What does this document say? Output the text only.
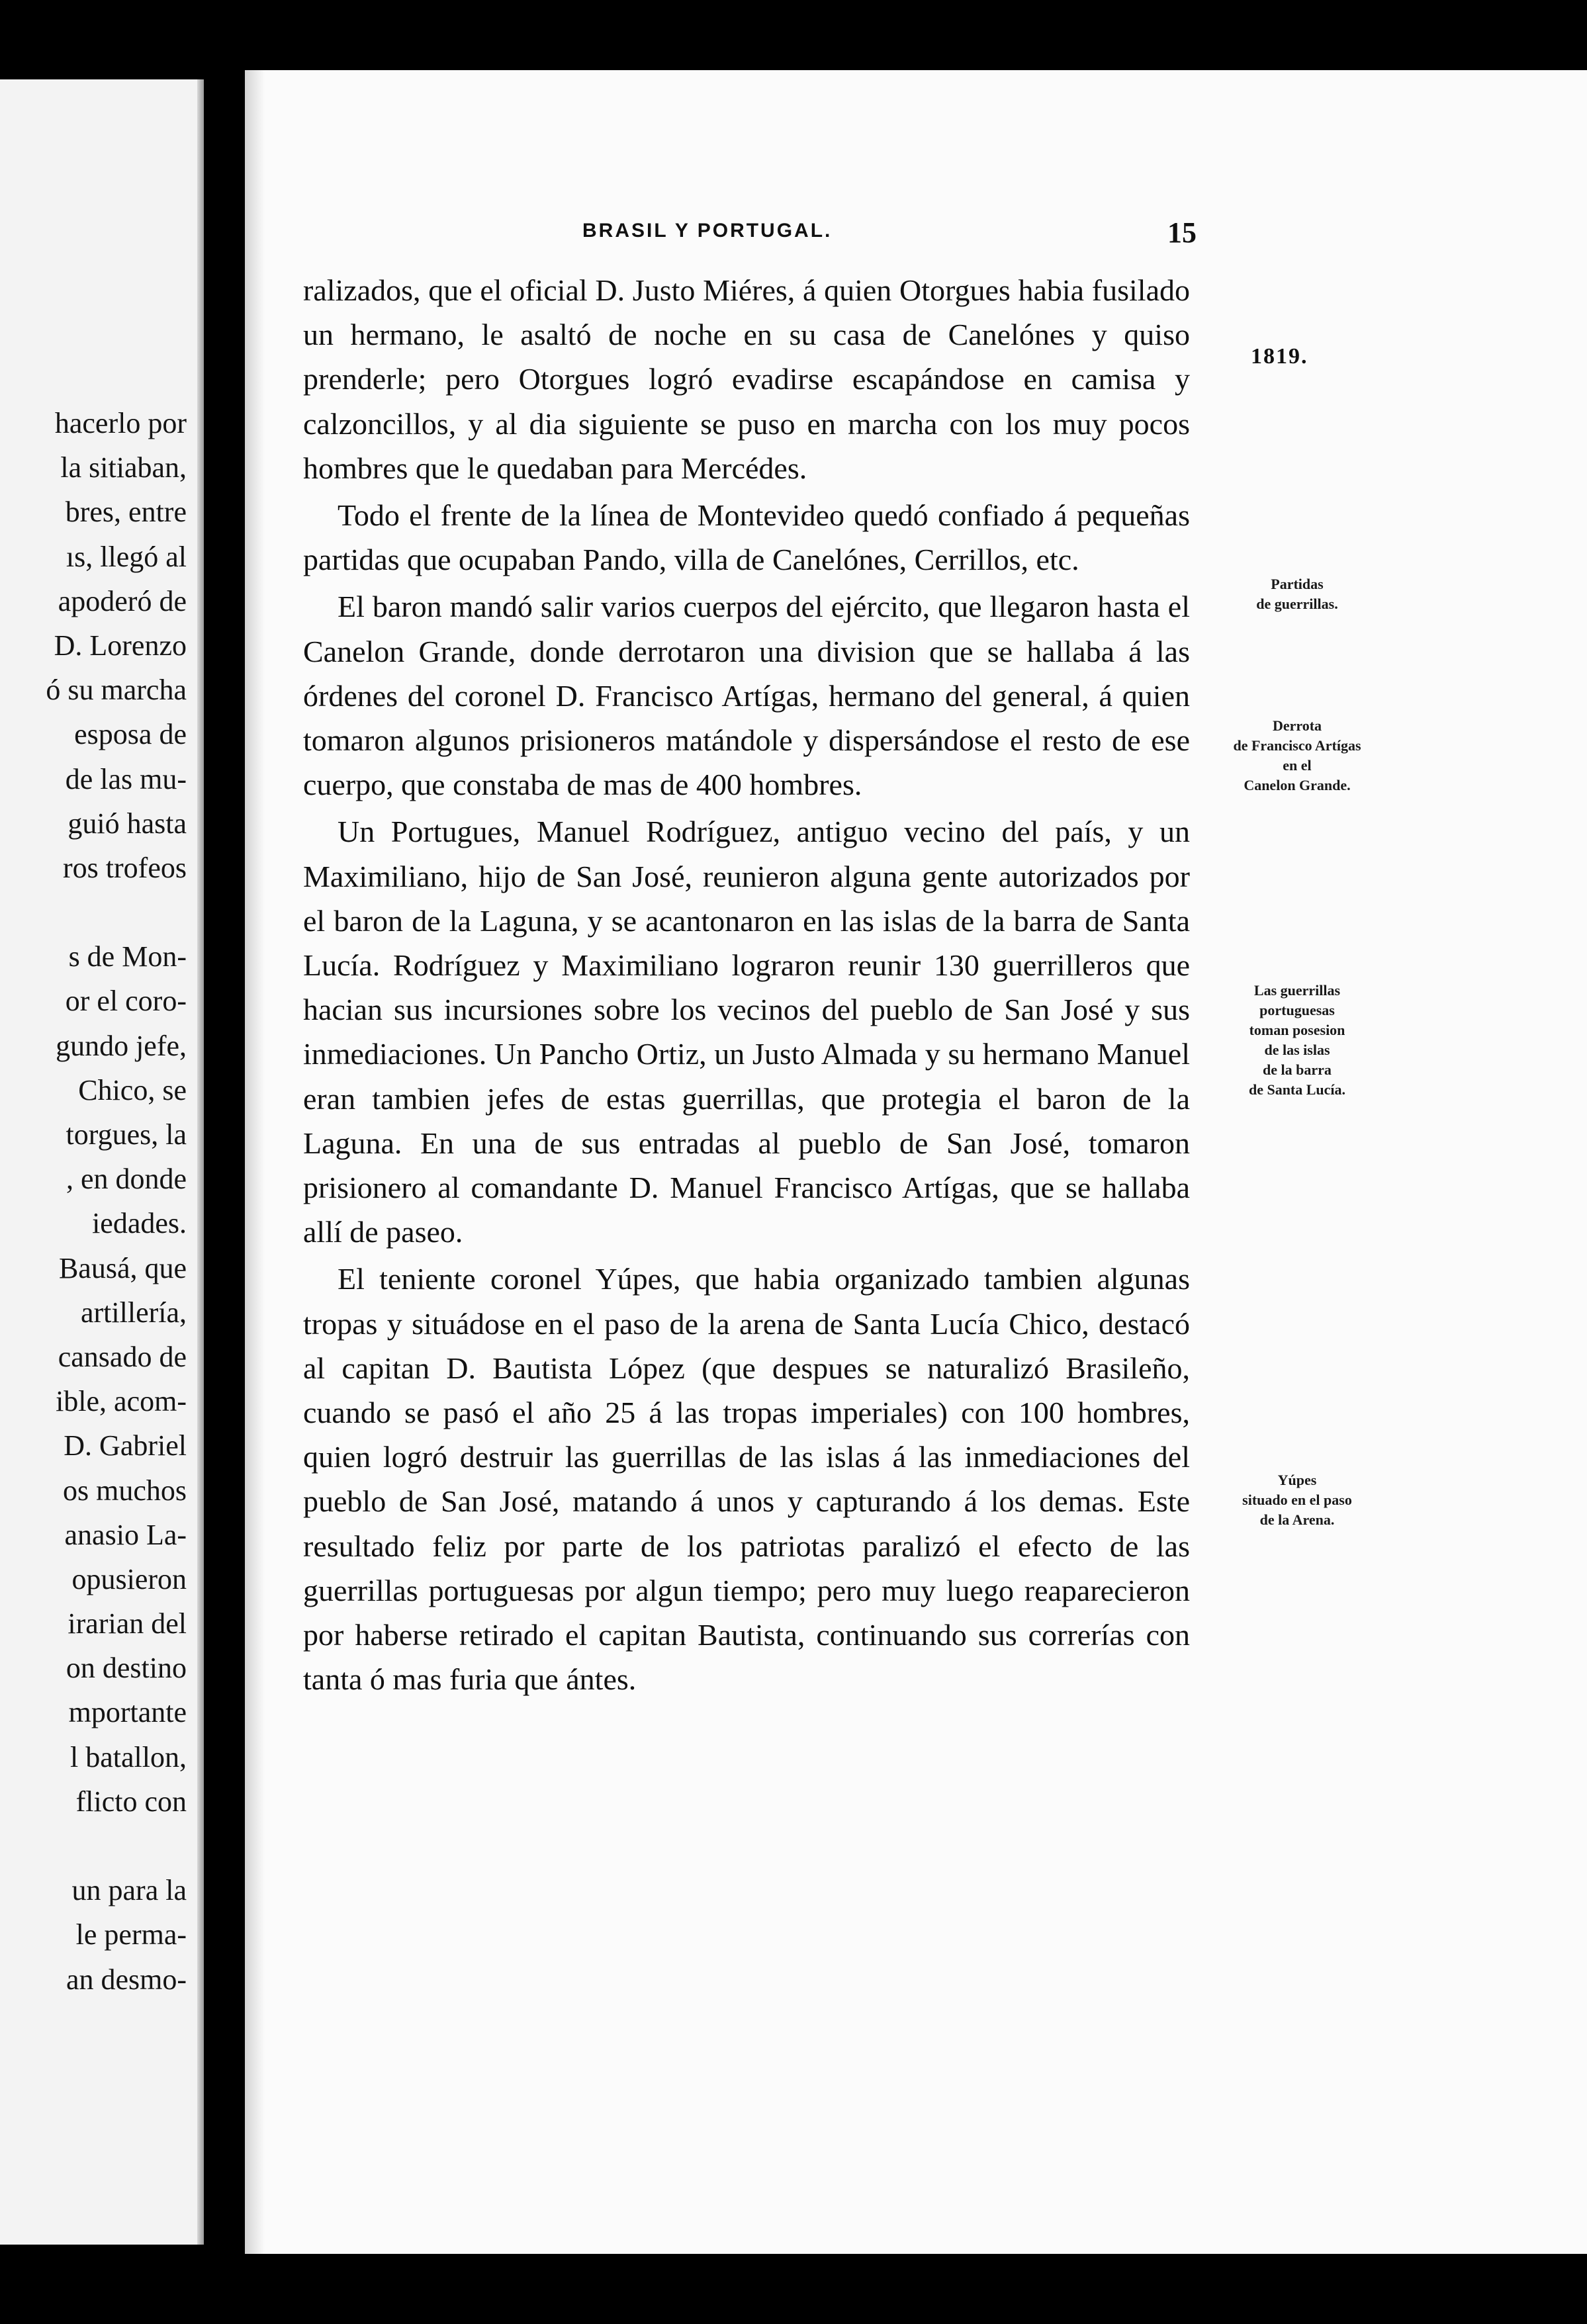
hacerlo por
la sitiaban,
bres, entre
ıs, llegó al
apoderó de
D. Lorenzo
ó su marcha
esposa de
de las mu-
guió hasta
ros trofeos
s de Mon-
or el coro-
gundo jefe,
Chico, se
torgues, la
, en donde
iedades.
Bausá, que
artillería,
cansado de
ible, acom-
D. Gabriel
os muchos
anasio La-
opusieron
irarian del
on destino
mportante
l batallon,
flicto con
un para la
le perma-
an desmo-
BRASIL Y PORTUGAL.	15
1819.

ralizados, que el oficial D. Justo Miéres, á quien Otorgues habia fusilado un hermano, le asaltó de noche en su casa de Canelónes y quiso prenderle; pero Otorgues logró evadirse escapándose en camisa y calzoncillos, y al dia siguiente se puso en marcha con los muy pocos hombres que le quedaban para Mercédes.

Todo el frente de la línea de Montevideo quedó confiado á pequeñas partidas que ocupaban Pando, villa de Canelónes, Cerrillos, etc.

El baron mandó salir varios cuerpos del ejército, que llegaron hasta el Canelon Grande, donde derrotaron una division que se hallaba á las órdenes del coronel D. Francisco Artígas, hermano del general, á quien tomaron algunos prisioneros matándole y dispersándose el resto de ese cuerpo, que constaba de mas de 400 hombres.

Un Portugues, Manuel Rodríguez, antiguo vecino del país, y un Maximiliano, hijo de San José, reunieron alguna gente autorizados por el baron de la Laguna, y se acantonaron en las islas de la barra de Santa Lucía. Rodríguez y Maximiliano lograron reunir 130 guerrilleros que hacian sus incursiones sobre los vecinos del pueblo de San José y sus inmediaciones. Un Pancho Ortiz, un Justo Almada y su hermano Manuel eran tambien jefes de estas guerrillas, que protegia el baron de la Laguna. En una de sus entradas al pueblo de San José, tomaron prisionero al comandante D. Manuel Francisco Artígas, que se hallaba allí de paseo.

El teniente coronel Yúpes, que habia organizado tambien algunas tropas y situádose en el paso de la arena de Santa Lucía Chico, destacó al capitan D. Bautista López (que despues se naturalizó Brasileño, cuando se pasó el año 25 á las tropas imperiales) con 100 hombres, quien logró destruir las guerrillas de las islas á las inmediaciones del pueblo de San José, matando á unos y capturando á los demas. Este resultado feliz por parte de los patriotas paralizó el efecto de las guerrillas portuguesas por algun tiempo; pero muy luego reaparecieron por haberse retirado el capitan Bautista, continuando sus correrías con tanta ó mas furia que ántes.

Partidas
de guerrillas.
Derrota
de Francisco Artígas
en el
Canelon Grande.
Las guerrillas
portuguesas
toman posesion
de las islas
de la barra
de Santa Lucía.
Yúpes
situado en el paso
de la Arena.
